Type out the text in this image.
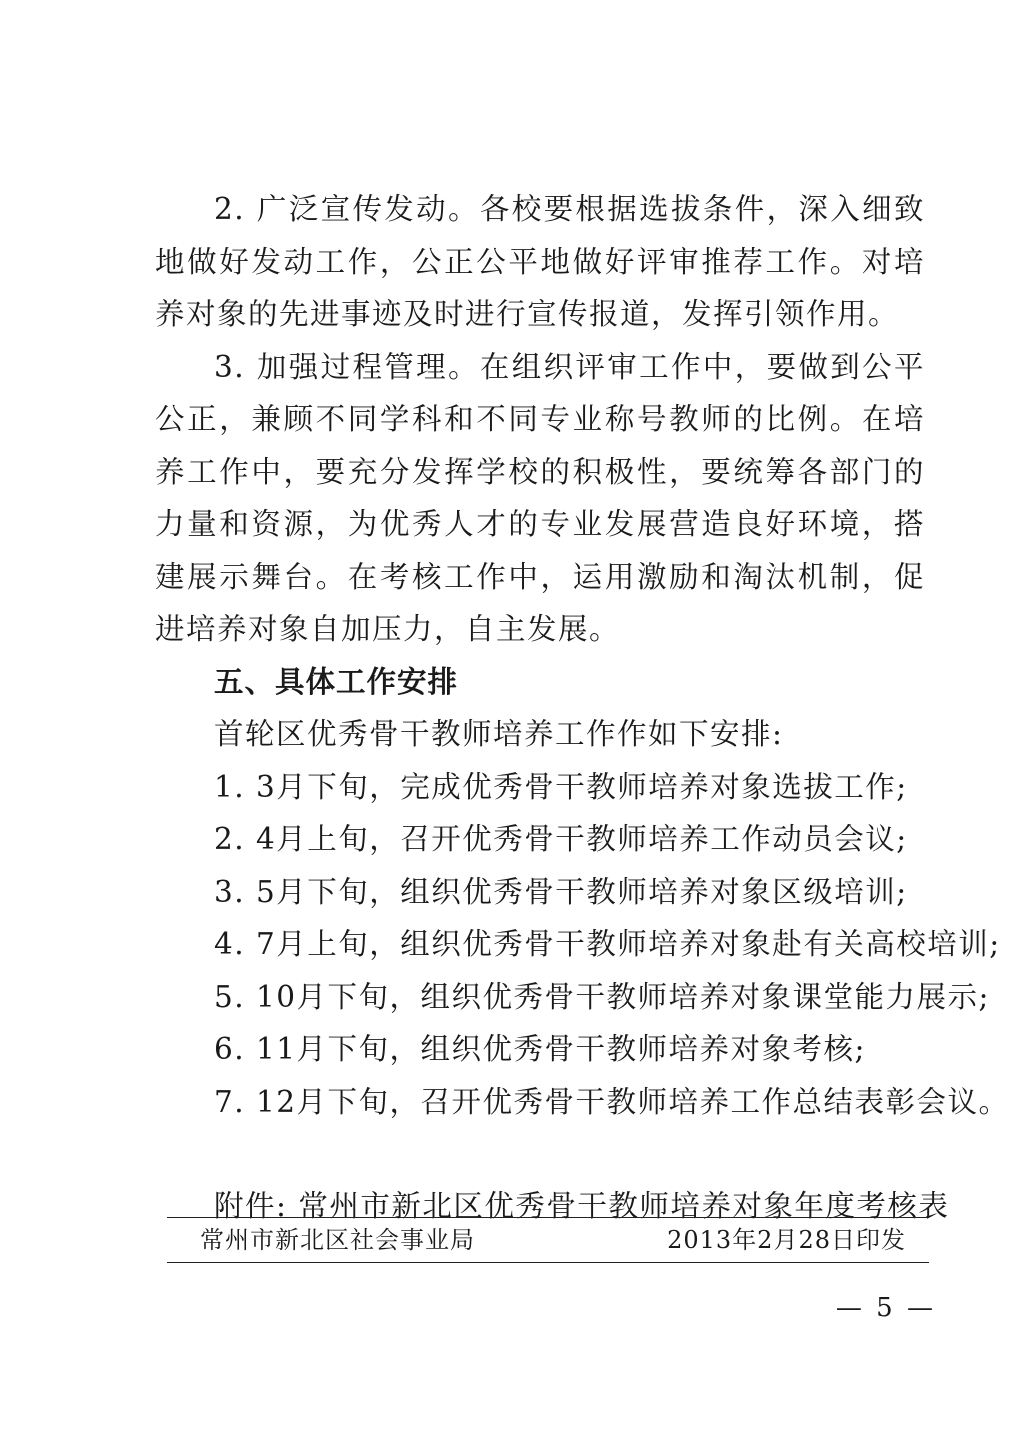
2. 广泛宣传发动。各校要根据选拔条件，深入细致地做好发动工作，公正公平地做好评审推荐工作。对培养对象的先进事迹及时进行宣传报道，发挥引领作用。

3. 加强过程管理。在组织评审工作中，要做到公平公正，兼顾不同学科和不同专业称号教师的比例。在培养工作中，要充分发挥学校的积极性，要统筹各部门的力量和资源，为优秀人才的专业发展营造良好环境，搭建展示舞台。在考核工作中，运用激励和淘汰机制，促进培养对象自加压力，自主发展。

五、具体工作安排

首轮区优秀骨干教师培养工作作如下安排:

1. 3月下旬，完成优秀骨干教师培养对象选拔工作;

2. 4月上旬，召开优秀骨干教师培养工作动员会议;

3. 5月下旬，组织优秀骨干教师培养对象区级培训;

4. 7月上旬，组织优秀骨干教师培养对象赴有关高校培训;

5. 10月下旬，组织优秀骨干教师培养对象课堂能力展示;

6. 11月下旬，组织优秀骨干教师培养对象考核;

7. 12月下旬，召开优秀骨干教师培养工作总结表彰会议。

附件: 常州市新北区优秀骨干教师培养对象年度考核表

常州市新北区社会事业局	2013年2月28日印发
— 5 —
